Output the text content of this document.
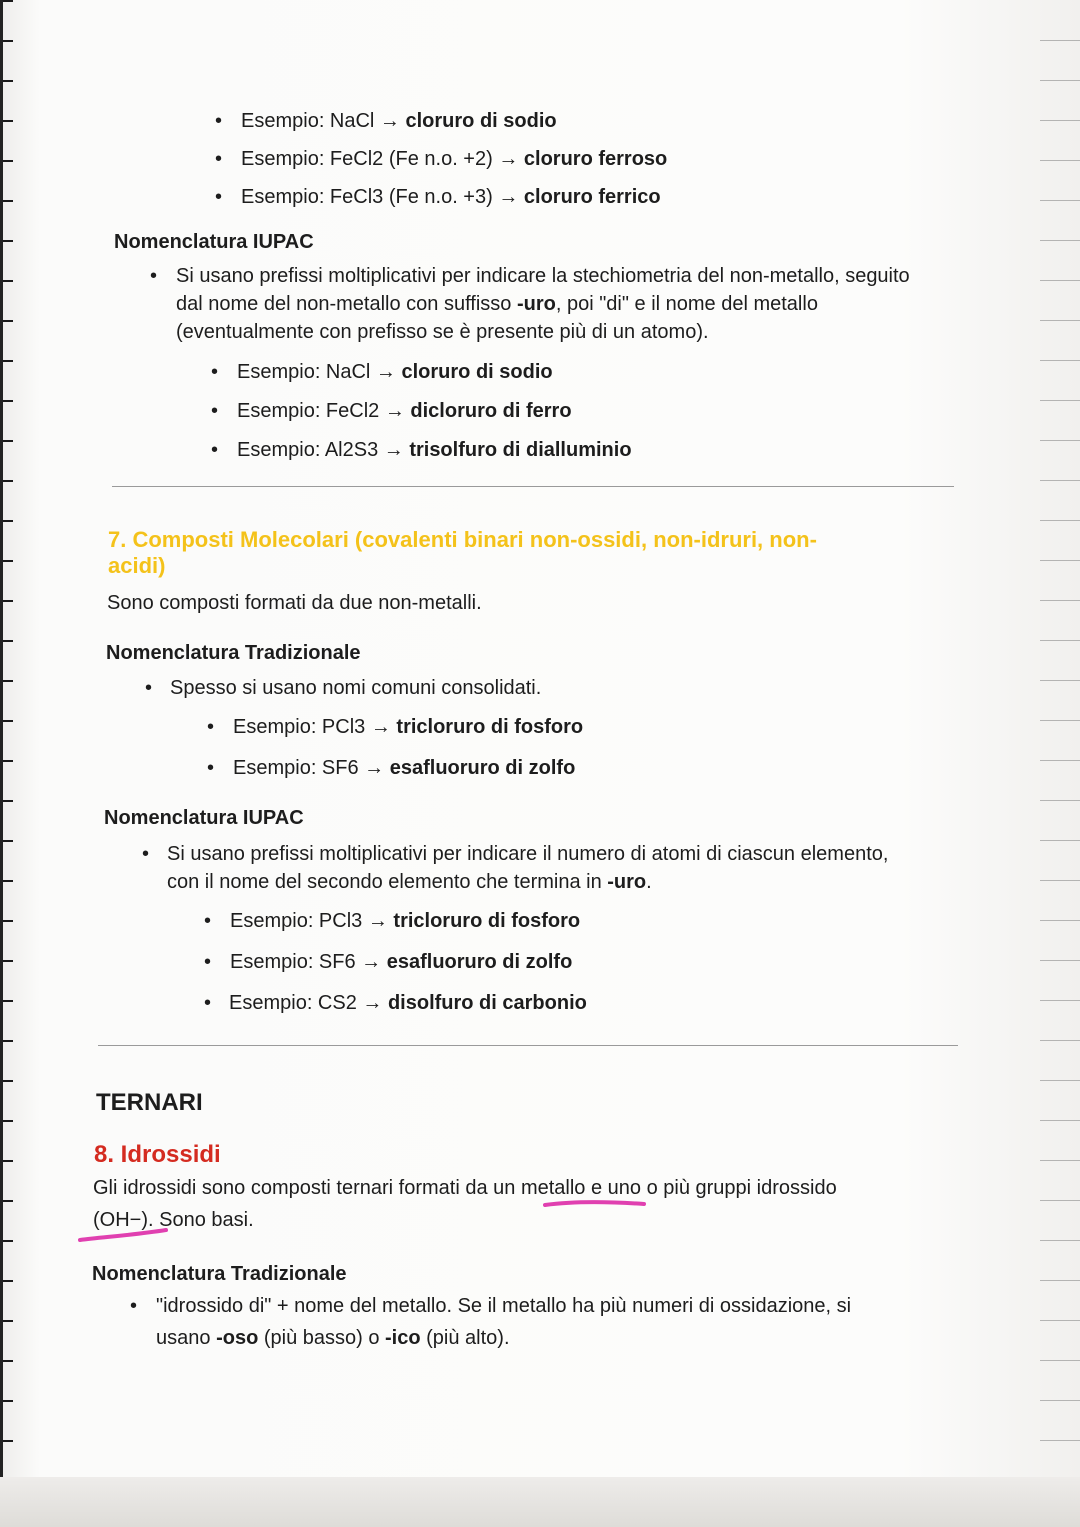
• Esempio: NaCl → cloruro di sodio
• Esempio: FeCl2 (Fe n.o. +2) → cloruro ferroso
• Esempio: FeCl3 (Fe n.o. +3) → cloruro ferrico
Nomenclatura IUPAC
• Si usano prefissi moltiplicativi per indicare la stechiometria del non-metallo, seguito
dal nome del non-metallo con suffisso -uro, poi "di" e il nome del metallo
(eventualmente con prefisso se è presente più di un atomo).
• Esempio: NaCl → cloruro di sodio
• Esempio: FeCl2 → dicloruro di ferro
• Esempio: Al2S3 → trisolfuro di dialluminio
7. Composti Molecolari (covalenti binari non-ossidi, non-idruri, non-
acidi)
Sono composti formati da due non-metalli.
Nomenclatura Tradizionale
• Spesso si usano nomi comuni consolidati.
• Esempio: PCl3 → tricloruro di fosforo
• Esempio: SF6 → esafluoruro di zolfo
Nomenclatura IUPAC
• Si usano prefissi moltiplicativi per indicare il numero di atomi di ciascun elemento,
con il nome del secondo elemento che termina in -uro.
• Esempio: PCl3 → tricloruro di fosforo
• Esempio: SF6 → esafluoruro di zolfo
• Esempio: CS2 → disolfuro di carbonio
TERNARI
8. Idrossidi
Gli idrossidi sono composti ternari formati da un metallo e uno o più gruppi idrossido
(OH−). Sono basi.
Nomenclatura Tradizionale
• "idrossido di" + nome del metallo. Se il metallo ha più numeri di ossidazione, si
usano -oso (più basso) o -ico (più alto).
